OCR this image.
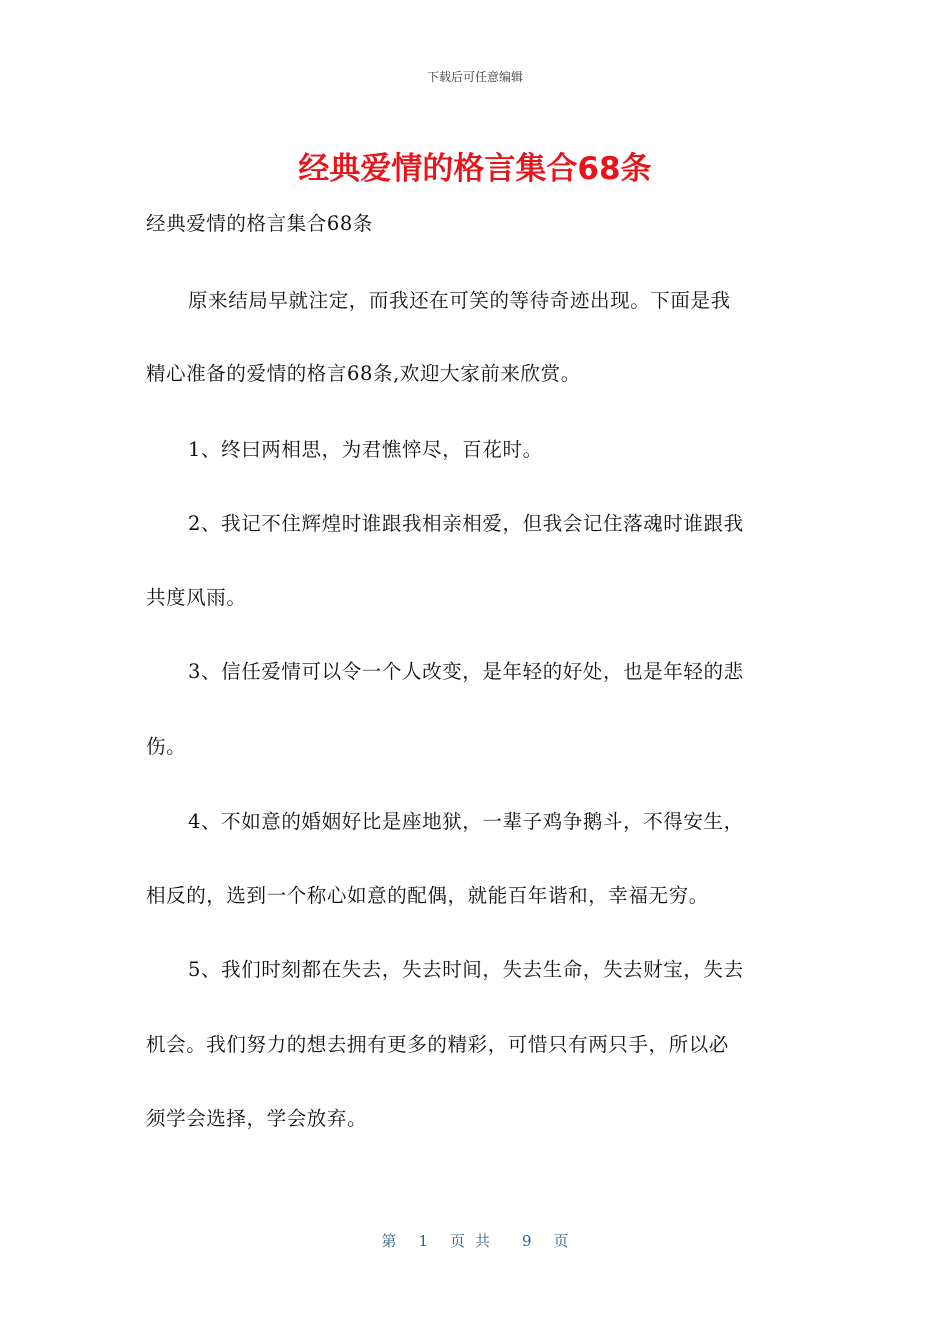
下载后可任意编辑
经典爱情的格言集合68条
经典爱情的格言集合68条
原来结局早就注定，而我还在可笑的等待奇迹出现。下面是我
精心准备的爱情的格言68条,欢迎大家前来欣赏。
1、终曰两相思，为君憔悴尽，百花时。
2、我记不住辉煌时谁跟我相亲相爱，但我会记住落魂时谁跟我
共度风雨。
3、信任爱情可以令一个人改变，是年轻的好处，也是年轻的悲
伤。
4、不如意的婚姻好比是座地狱，一辈子鸡争鹅斗，不得安生，
相反的，选到一个称心如意的配偶，就能百年谐和，幸福无穷。
5、我们时刻都在失去，失去时间，失去生命，失去财宝，失去
机会。我们努力的想去拥有更多的精彩，可惜只有两只手，所以必
须学会选择，学会放弃。
第 1 页共 9 页
